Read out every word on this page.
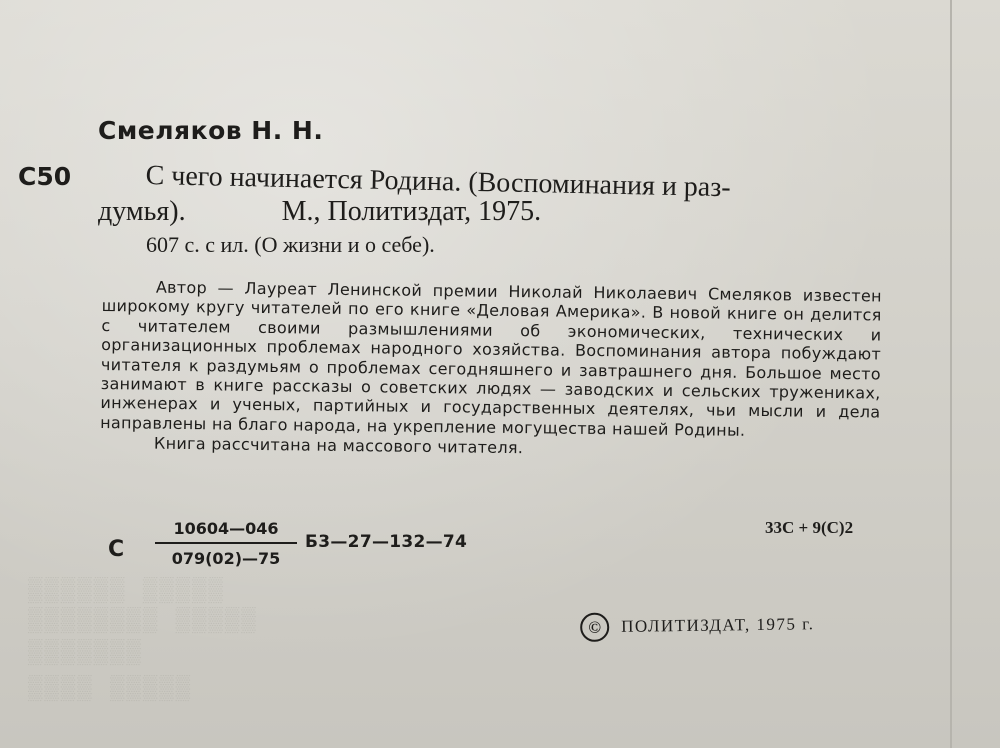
▒▒▒▒▒▒ ▒▒▒▒▒
▒▒▒▒▒▒▒▒ ▒▒▒▒▒
▒▒▒▒▒▒▒
▒▒▒▒ ▒▒▒▒▒
Смеляков Н. Н.
С50	С чего начинается Родина. (Воспоминания и раз-
думья).	М., Политиздат, 1975.
607 с. с ил. (О жизни и о себе).

Автор — Лауреат Ленинской премии Николай Николаевич Смеляков известен широкому кругу читателей по его книге «Деловая Америка». В новой книге он делится с читателем своими размышлениями об экономических, технических и организационных проблемах народного хозяйства. Воспоминания автора побуждают читателя к раздумьям о проблемах сегодняшнего и завтрашнего дня. Большое место занимают в книге рассказы о советских людях — заводских и сельских тружениках, инженерах и ученых, партийных и государственных деятелях, чьи мысли и дела направлены на благо народа, на укрепление могущества нашей Родины.

Книга рассчитана на массового читателя.

С $\frac{10604—046}{079(02)—75}$ Б3—27—132—74
33С + 9(С)2
© ПОЛИТИЗДАТ, 1975 г.
